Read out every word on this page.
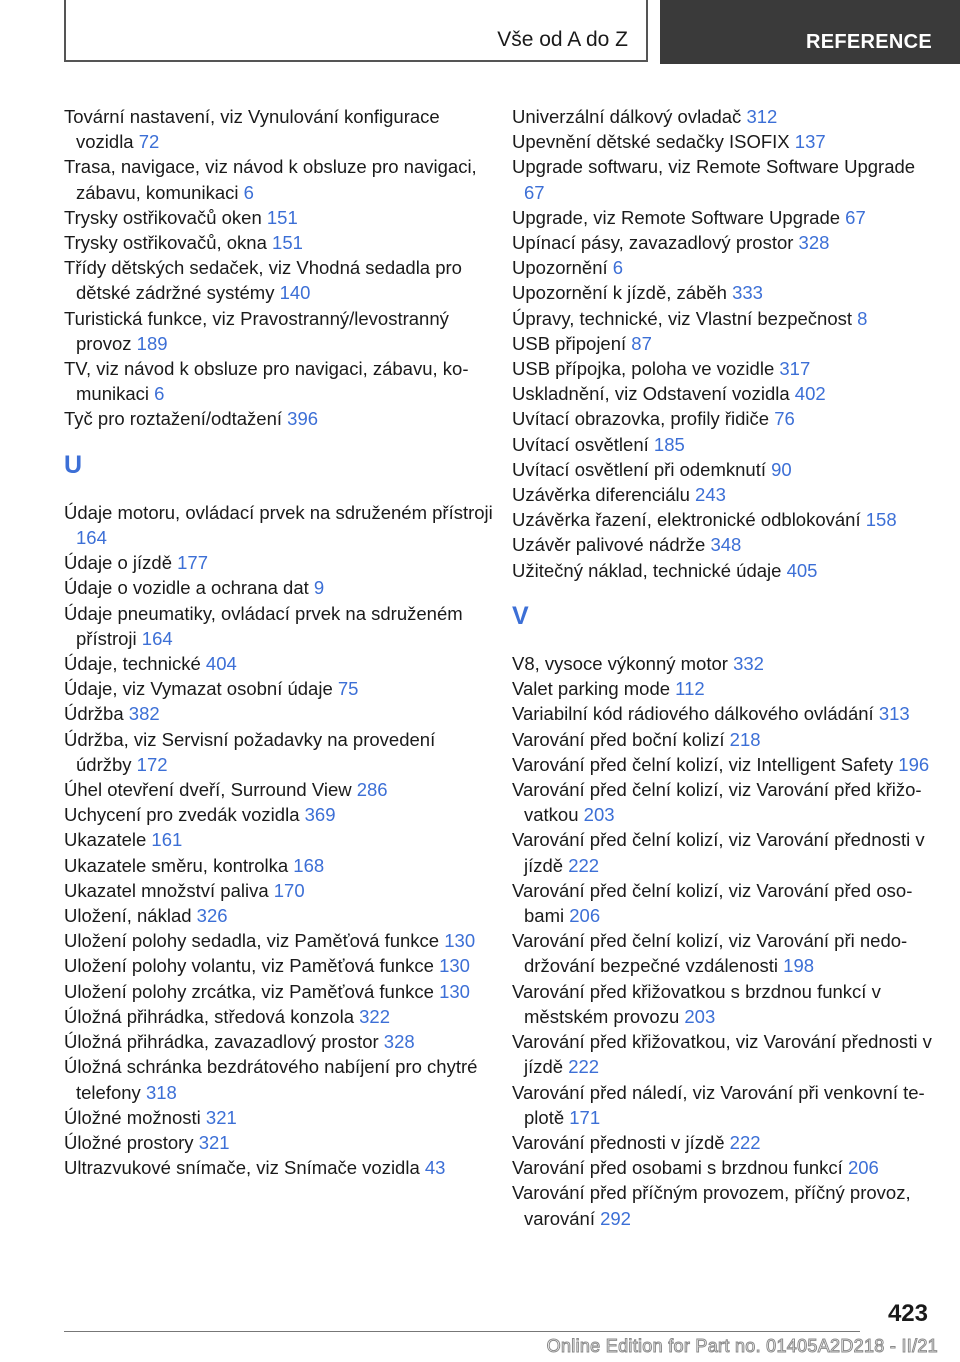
Vše od A do Z	REFERENCE
Tovární nastavení, viz Vynulování konfigurace vozidla 72
Trasa, navigace, viz návod k obsluze pro navigaci, zábavu, komunikaci 6
Trysky ostřikovačů oken 151
Trysky ostřikovačů, okna 151
Třídy dětských sedaček, viz Vhodná sedadla pro dětské zádržné systémy 140
Turistická funkce, viz Pravostranný/levostranný provoz 189
TV, viz návod k obsluze pro navigaci, zábavu, komunikaci 6
Tyč pro roztažení/odtažení 396
U
Údaje motoru, ovládací prvek na sdruženém přístroji 164
Údaje o jízdě 177
Údaje o vozidle a ochrana dat 9
Údaje pneumatiky, ovládací prvek na sdruženém přístroji 164
Údaje, technické 404
Údaje, viz Vymazat osobní údaje 75
Údržba 382
Údržba, viz Servisní požadavky na provedení údržby 172
Úhel otevření dveří, Surround View 286
Uchycení pro zvedák vozidla 369
Ukazatele 161
Ukazatele směru, kontrolka 168
Ukazatel množství paliva 170
Uložení, náklad 326
Uložení polohy sedadla, viz Paměťová funkce 130
Uložení polohy volantu, viz Paměťová funkce 130
Uložení polohy zrcátka, viz Paměťová funkce 130
Úložná přihrádka, středová konzola 322
Úložná přihrádka, zavazadlový prostor 328
Úložná schránka bezdrátového nabíjení pro chytré telefony 318
Úložné možnosti 321
Úložné prostory 321
Ultrazvukové snímače, viz Snímače vozidla 43
Univerzální dálkový ovladač 312
Upevnění dětské sedačky ISOFIX 137
Upgrade softwaru, viz Remote Software Upgrade 67
Upgrade, viz Remote Software Upgrade 67
Upínací pásy, zavazadlový prostor 328
Upozornění 6
Upozornění k jízdě, záběh 333
Úpravy, technické, viz Vlastní bezpečnost 8
USB připojení 87
USB přípojka, poloha ve vozidle 317
Uskladnění, viz Odstavení vozidla 402
Uvítací obrazovka, profily řidiče 76
Uvítací osvětlení 185
Uvítací osvětlení při odemknutí 90
Uzávěrka diferenciálu 243
Uzávěrka řazení, elektronické odblokování 158
Uzávěr palivové nádrže 348
Užitečný náklad, technické údaje 405
V
V8, vysoce výkonný motor 332
Valet parking mode 112
Variabilní kód rádiového dálkového ovládání 313
Varování před boční kolizí 218
Varování před čelní kolizí, viz Intelligent Safety 196
Varování před čelní kolizí, viz Varování před křižovatkou 203
Varování před čelní kolizí, viz Varování přednosti v jízdě 222
Varování před čelní kolizí, viz Varování před osobami 206
Varování před čelní kolizí, viz Varování při nedodržování bezpečné vzdálenosti 198
Varování před křižovatkou s brzdnou funkcí v městském provozu 203
Varování před křižovatkou, viz Varování přednosti v jízdě 222
Varování před náledí, viz Varování při venkovní teplotě 171
Varování přednosti v jízdě 222
Varování před osobami s brzdnou funkcí 206
Varování před příčným provozem, příčný provoz, varování 292
423
Online Edition for Part no. 01405A2D218 - II/21
